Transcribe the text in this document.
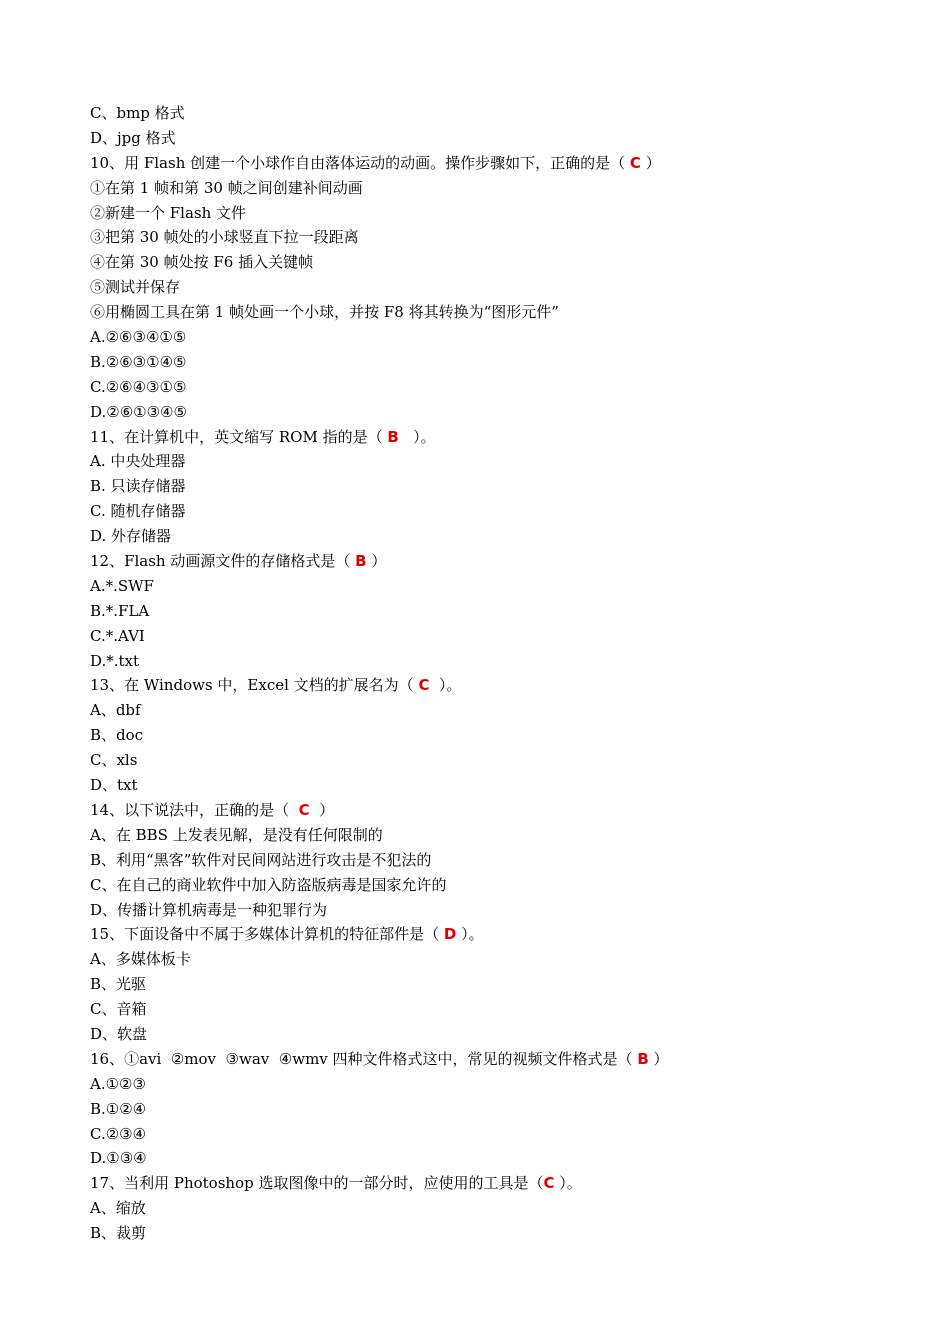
C、bmp 格式
D、jpg 格式
10、用 Flash 创建一个小球作自由落体运动的动画。操作步骤如下，正确的是（ C ）
①在第 1 帧和第 30 帧之间创建补间动画
②新建一个 Flash 文件
③把第 30 帧处的小球竖直下拉一段距离
④在第 30 帧处按 F6 插入关键帧
⑤测试并保存
⑥用椭圆工具在第 1 帧处画一个小球，并按 F8 将其转换为“图形元件”
A.②⑥③④①⑤
B.②⑥③①④⑤
C.②⑥④③①⑤
D.②⑥①③④⑤
11、在计算机中，英文缩写 ROM 指的是（ B   ）。
A. 中央处理器
B. 只读存储器
C. 随机存储器
D. 外存储器
12、Flash 动画源文件的存储格式是（ B ）
A.*.SWF
B.*.FLA
C.*.AVI
D.*.txt
13、在 Windows 中，Excel 文档的扩展名为（ C  ）。
A、dbf
B、doc
C、xls
D、txt
14、以下说法中，正确的是（  C  ）
A、在 BBS 上发表见解，是没有任何限制的
B、利用“黑客”软件对民间网站进行攻击是不犯法的
C、在自己的商业软件中加入防盗版病毒是国家允许的
D、传播计算机病毒是一种犯罪行为
15、下面设备中不属于多媒体计算机的特征部件是（ D ）。
A、多媒体板卡
B、光驱
C、音箱
D、软盘
16、①avi  ②mov  ③wav  ④wmv 四种文件格式这中，常见的视频文件格式是（ B ）
A.①②③
B.①②④
C.②③④
D.①③④
17、当利用 Photoshop 选取图像中的一部分时，应使用的工具是（C ）。
A、缩放
B、裁剪
